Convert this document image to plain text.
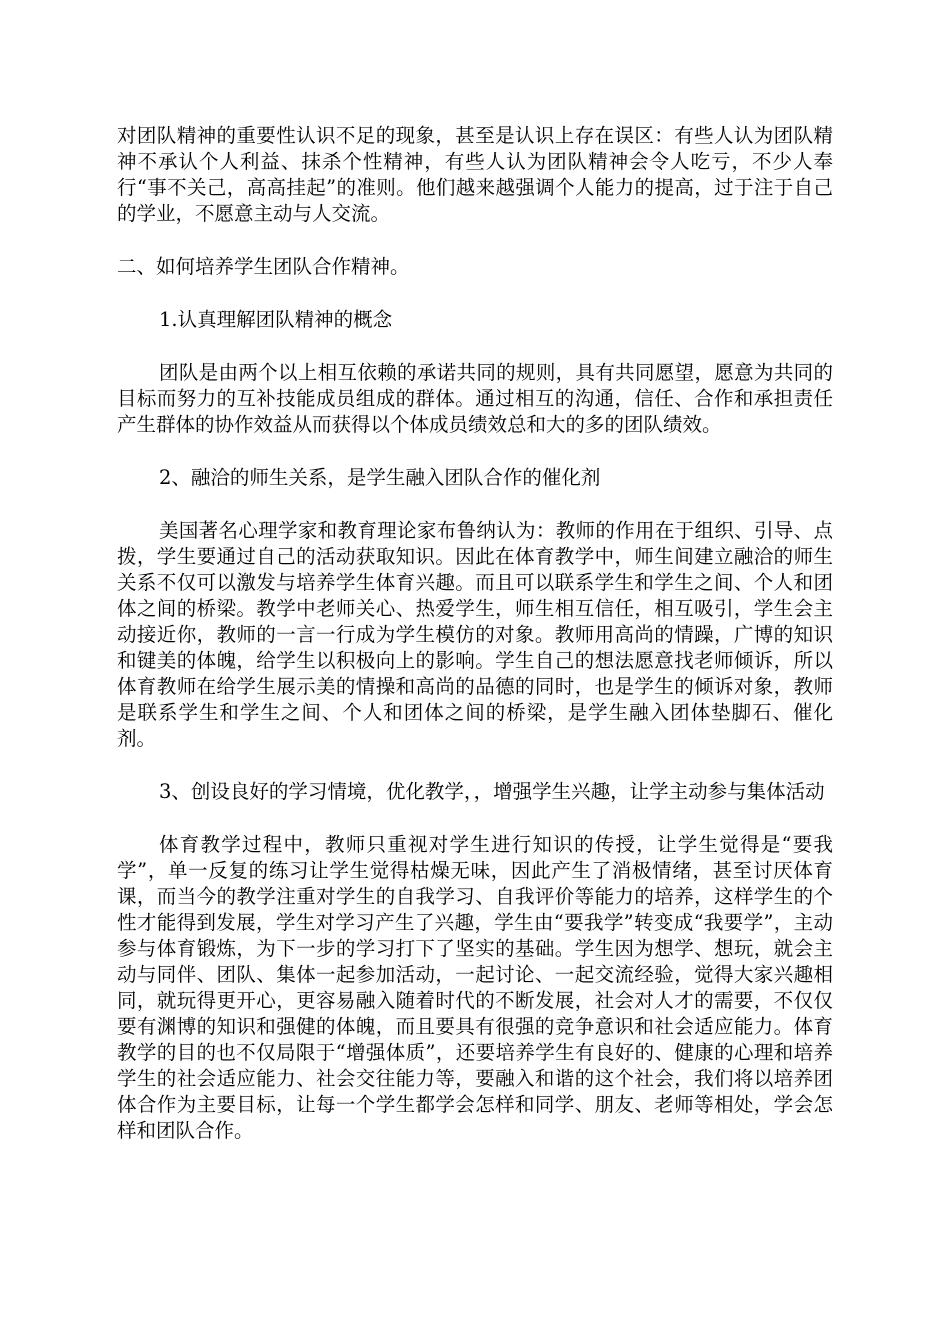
对团队精神的重要性认识不足的现象，甚至是认识上存在误区：有些人认为团队精神不承认个人利益、抹杀个性精神，有些人认为团队精神会令人吃亏，不少人奉行“事不关己，高高挂起”的准则。他们越来越强调个人能力的提高，过于注于自己的学业，不愿意主动与人交流。

二、如何培养学生团队合作精神。

1.认真理解团队精神的概念

团队是由两个以上相互依赖的承诺共同的规则，具有共同愿望，愿意为共同的目标而努力的互补技能成员组成的群体。通过相互的沟通，信任、合作和承担责任产生群体的协作效益从而获得以个体成员绩效总和大的多的团队绩效。

2、融洽的师生关系，是学生融入团队合作的催化剂

美国著名心理学家和教育理论家布鲁纳认为：教师的作用在于组织、引导、点拨，学生要通过自己的活动获取知识。因此在体育教学中，师生间建立融洽的师生关系不仅可以激发与培养学生体育兴趣。而且可以联系学生和学生之间、个人和团体之间的桥梁。教学中老师关心、热爱学生，师生相互信任，相互吸引，学生会主动接近你，教师的一言一行成为学生模仿的对象。教师用高尚的情躁，广博的知识和键美的体魄，给学生以积极向上的影响。学生自己的想法愿意找老师倾诉，所以体育教师在给学生展示美的情操和高尚的品德的同时，也是学生的倾诉对象，教师是联系学生和学生之间、个人和团体之间的桥梁，是学生融入团体垫脚石、催化剂。

3、创设良好的学习情境，优化教学，，增强学生兴趣，让学主动参与集体活动

体育教学过程中，教师只重视对学生进行知识的传授，让学生觉得是“要我学”，单一反复的练习让学生觉得枯燥无味，因此产生了消极情绪，甚至讨厌体育课，而当今的教学注重对学生的自我学习、自我评价等能力的培养，这样学生的个性才能得到发展，学生对学习产生了兴趣，学生由“要我学”转变成“我要学”，主动参与体育锻炼，为下一步的学习打下了坚实的基础。学生因为想学、想玩，就会主动与同伴、团队、集体一起参加活动，一起讨论、一起交流经验，觉得大家兴趣相同，就玩得更开心，更容易融入随着时代的不断发展，社会对人才的需要，不仅仅要有渊博的知识和强健的体魄，而且要具有很强的竞争意识和社会适应能力。体育教学的目的也不仅局限于“增强体质”，还要培养学生有良好的、健康的心理和培养学生的社会适应能力、社会交往能力等，要融入和谐的这个社会，我们将以培养团体合作为主要目标，让每一个学生都学会怎样和同学、朋友、老师等相处，学会怎样和团队合作。
